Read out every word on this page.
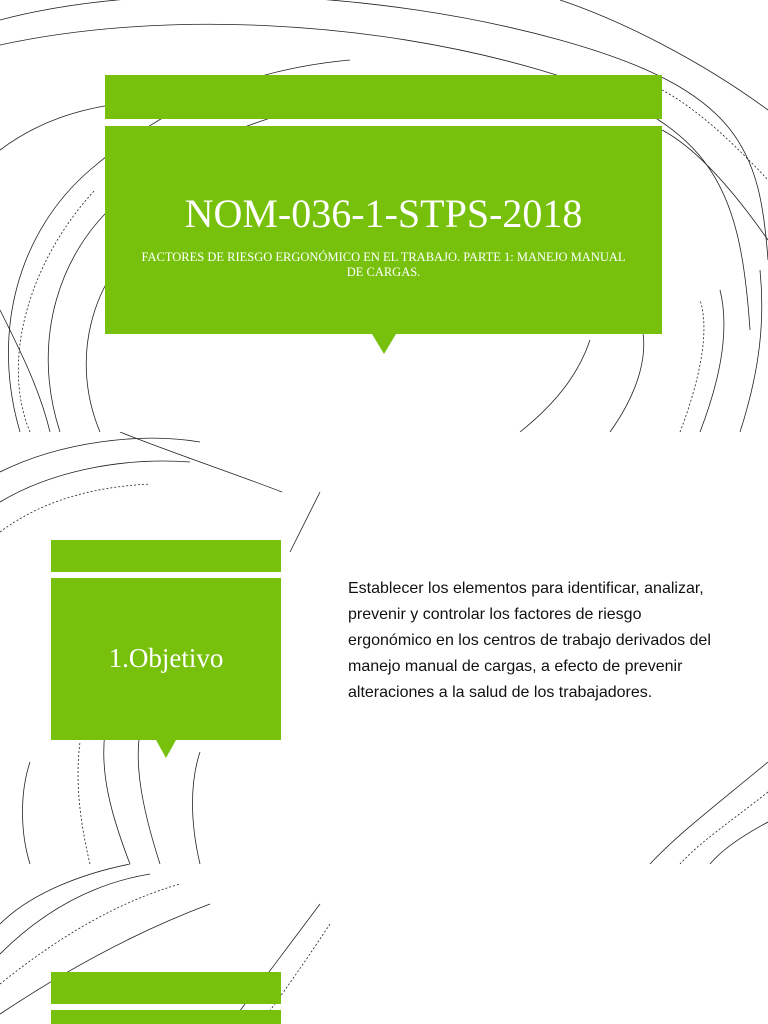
NOM-036-1-STPS-2018
FACTORES DE RIESGO ERGONÓMICO EN EL TRABAJO. PARTE 1: MANEJO MANUAL DE CARGAS.
1.Objetivo
Establecer los elementos para identificar, analizar, prevenir y controlar los factores de riesgo ergonómico en los centros de trabajo derivados del manejo manual de cargas, a efecto de prevenir alteraciones a la salud de los trabajadores.
